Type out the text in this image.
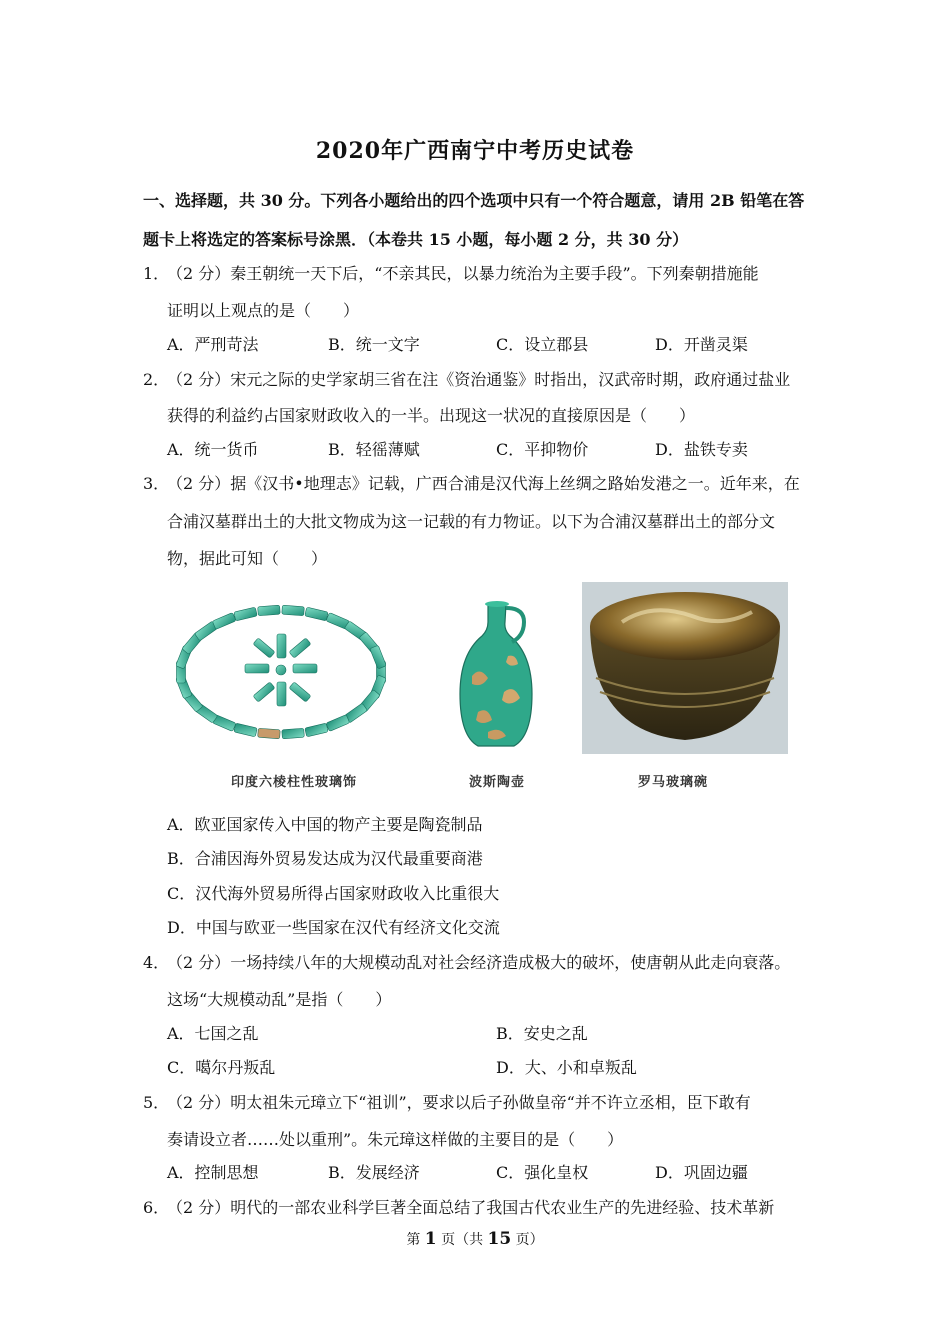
2020年广西南宁中考历史试卷
一、选择题，共 30 分。下列各小题给出的四个选项中只有一个符合题意，请用 2B 铅笔在答
题卡上将选定的答案标号涂黑．（本卷共 15 小题，每小题 2 分，共 30 分）
1．（2 分）秦王朝统一天下后，“不亲其民，以暴力统治为主要手段”。下列秦朝措施能
证明以上观点的是（　　）
A．严刑苛法	B．统一文字	C．设立郡县	D．开凿灵渠
2．（2 分）宋元之际的史学家胡三省在注《资治通鉴》时指出，汉武帝时期，政府通过盐业
获得的利益约占国家财政收入的一半。出现这一状况的直接原因是（　　）
A．统一货币	B．轻徭薄赋	C．平抑物价	D．盐铁专卖
3．（2 分）据《汉书•地理志》记载，广西合浦是汉代海上丝绸之路始发港之一。近年来，在
合浦汉墓群出土的大批文物成为这一记载的有力物证。以下为合浦汉墓群出土的部分文
物，据此可知（　　）
印度六棱柱性玻璃饰	波斯陶壶	罗马玻璃碗
A．欧亚国家传入中国的物产主要是陶瓷制品
B．合浦因海外贸易发达成为汉代最重要商港
C．汉代海外贸易所得占国家财政收入比重很大
D．中国与欧亚一些国家在汉代有经济文化交流
4．（2 分）一场持续八年的大规模动乱对社会经济造成极大的破坏，使唐朝从此走向衰落。
这场“大规模动乱”是指（　　）
A．七国之乱	B．安史之乱
C．噶尔丹叛乱	D．大、小和卓叛乱
5．（2 分）明太祖朱元璋立下“祖训”，要求以后子孙做皇帝“并不许立丞相，臣下敢有
奏请设立者……处以重刑”。朱元璋这样做的主要目的是（　　）
A．控制思想	B．发展经济	C．强化皇权	D．巩固边疆
6．（2 分）明代的一部农业科学巨著全面总结了我国古代农业生产的先进经验、技术革新
第 1 页（共 15 页）
